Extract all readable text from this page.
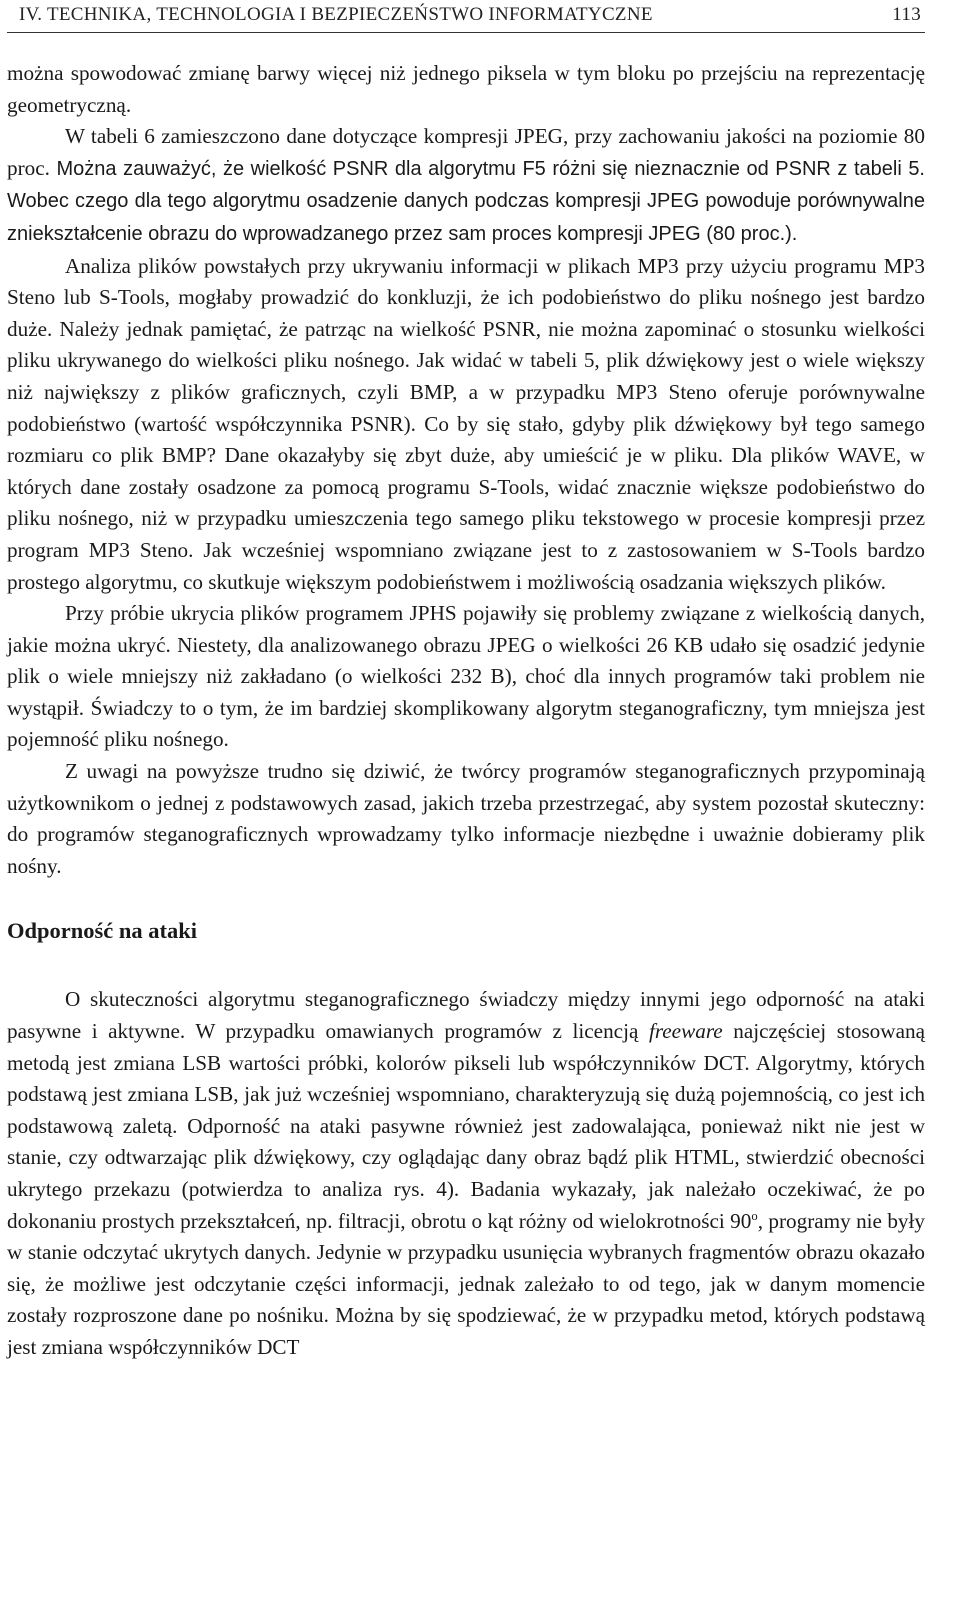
IV. TECHNIKA, TECHNOLOGIA I BEZPIECZEŃSTWO INFORMATYCZNE	113

można spowodować zmianę barwy więcej niż jednego piksela w tym bloku po przejściu na reprezentację geometryczną.

W tabeli 6 zamieszczono dane dotyczące kompresji JPEG, przy zachowaniu jakości na poziomie 80 proc. Można zauważyć, że wielkość PSNR dla algorytmu F5 różni się nieznacznie od PSNR z tabeli 5. Wobec czego dla tego algorytmu osadzenie danych podczas kompresji JPEG powoduje porównywalne zniekształcenie obrazu do wprowadzanego przez sam proces kompresji JPEG (80 proc.).

Analiza plików powstałych przy ukrywaniu informacji w plikach MP3 przy użyciu programu MP3 Steno lub S-Tools, mogłaby prowadzić do konkluzji, że ich podobieństwo do pliku nośnego jest bardzo duże. Należy jednak pamiętać, że patrząc na wielkość PSNR, nie można zapominać o stosunku wielkości pliku ukrywanego do wielkości pliku nośnego. Jak widać w tabeli 5, plik dźwiękowy jest o wiele większy niż największy z plików graficznych, czyli BMP, a w przypadku MP3 Steno oferuje porównywalne podobieństwo (wartość współczynnika PSNR). Co by się stało, gdyby plik dźwiękowy był tego samego rozmiaru co plik BMP? Dane okazałyby się zbyt duże, aby umieścić je w pliku. Dla plików WAVE, w których dane zostały osadzone za pomocą programu S-Tools, widać znacznie większe podobieństwo do pliku nośnego, niż w przypadku umieszczenia tego samego pliku tekstowego w procesie kompresji przez program MP3 Steno. Jak wcześniej wspomniano związane jest to z zastosowaniem w S-Tools bardzo prostego algorytmu, co skutkuje większym podobieństwem i możliwością osadzania większych plików.

Przy próbie ukrycia plików programem JPHS pojawiły się problemy związane z wielkością danych, jakie można ukryć. Niestety, dla analizowanego obrazu JPEG o wielkości 26 KB udało się osadzić jedynie plik o wiele mniejszy niż zakładano (o wielkości 232 B), choć dla innych programów taki problem nie wystąpił. Świadczy to o tym, że im bardziej skomplikowany algorytm steganograficzny, tym mniejsza jest pojemność pliku nośnego.

Z uwagi na powyższe trudno się dziwić, że twórcy programów steganograficznych przypominają użytkownikom o jednej z podstawowych zasad, jakich trzeba przestrzegać, aby system pozostał skuteczny: do programów steganograficznych wprowadzamy tylko informacje niezbędne i uważnie dobieramy plik nośny.

Odporność na ataki

O skuteczności algorytmu steganograficznego świadczy między innymi jego odporność na ataki pasywne i aktywne. W przypadku omawianych programów z licencją freeware najczęściej stosowaną metodą jest zmiana LSB wartości próbki, kolorów pikseli lub współczynników DCT. Algorytmy, których podstawą jest zmiana LSB, jak już wcześniej wspomniano, charakteryzują się dużą pojemnością, co jest ich podstawową zaletą. Odporność na ataki pasywne również jest zadowalająca, ponieważ nikt nie jest w stanie, czy odtwarzając plik dźwiękowy, czy oglądając dany obraz bądź plik HTML, stwierdzić obecności ukrytego przekazu (potwierdza to analiza rys. 4). Badania wykazały, jak należało oczekiwać, że po dokonaniu prostych przekształceń, np. filtracji, obrotu o kąt różny od wielokrotności 90$^o$, programy nie były w stanie odczytać ukrytych danych. Jedynie w przypadku usunięcia wybranych fragmentów obrazu okazało się, że możliwe jest odczytanie części informacji, jednak zależało to od tego, jak w danym momencie zostały rozproszone dane po nośniku. Można by się spodziewać, że w przypadku metod, których podstawą jest zmiana współczynników DCT
